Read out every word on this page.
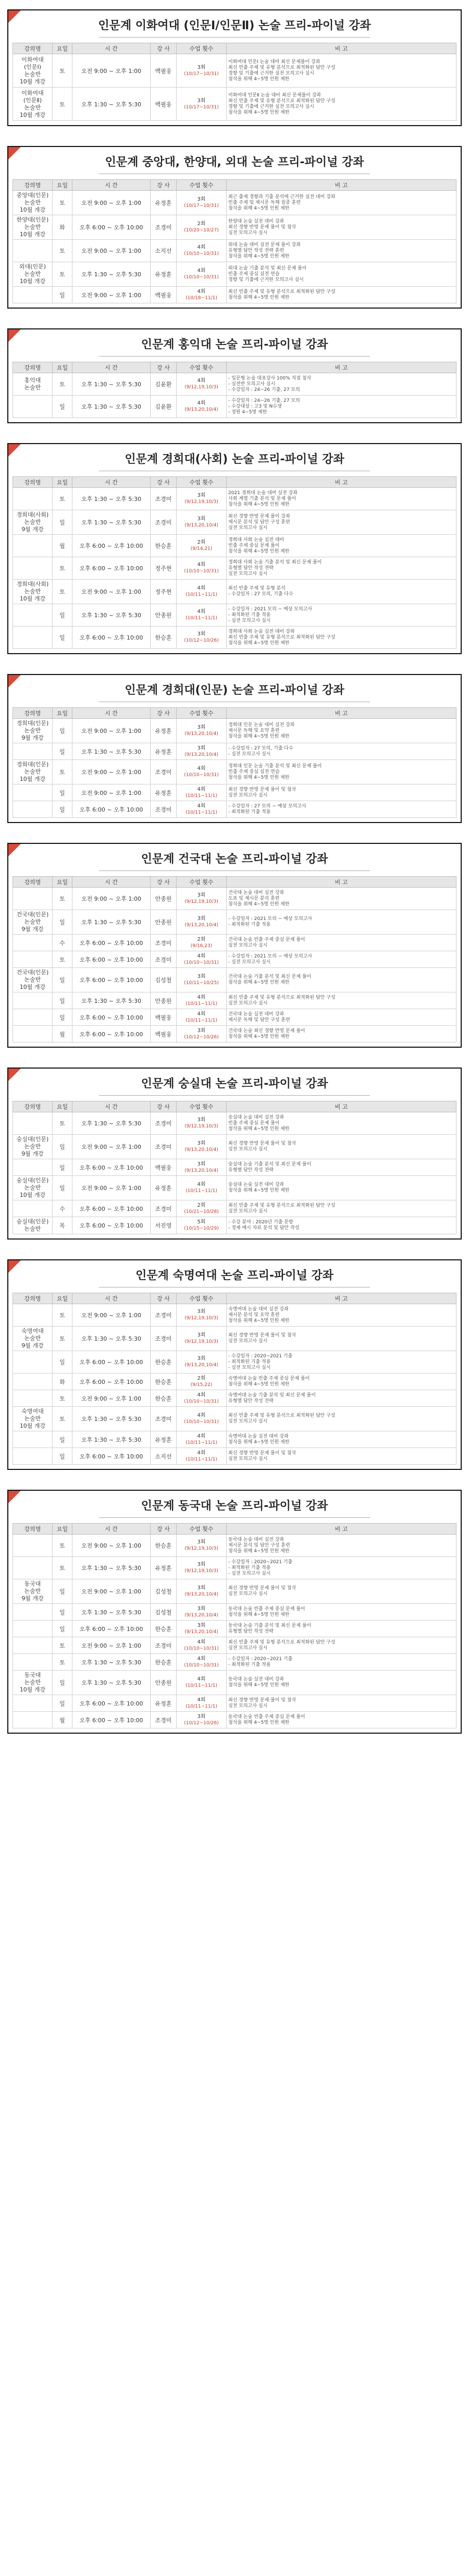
인문계 이화여대 (인문Ⅰ/인문Ⅱ) 논술 프리-파이널 강좌
강의명	요일	시 간	강 사	수업 횟수	비 고
이화여대
(인문Ⅰ)
논술반
10월 개강	토	오전 9:00 ~ 오후 1:00	백필웅	3회
(10/17~10/31)	이화여대 인문Ⅰ 논술 대비 최신 문제풀이 강좌
최신 빈출 주제 및 유형 분석으로 최적화된 답안 구성
경향 및 기출에 근거한 실전 모의고사 실시
첨삭을 위해 4~5명 인원 제한
이화여대
(인문Ⅱ)
논술반
10월 개강	토	오후 1:30 ~ 오후 5:30	백필웅	3회
(10/17~10/31)	이화여대 인문Ⅱ 논술 대비 최신 문제풀이 강좌
최신 빈출 주제 및 유형 분석으로 최적화된 답안 구성
경향 및 기출에 근거한 실전 모의고사 실시
첨삭을 위해 4~5명 인원 제한
인문계 중앙대, 한양대, 외대 논술 프리-파이널 강좌
강의명	요일	시 간	강 사	수업 횟수	비 고
중앙대(인문)
논술반
10월 개강	토	오전 9:00 ~ 오후 1:00	유정훈	3회
(10/17~10/31)	최근 출제 경향과 기출 분석에 근거한 실전 대비 강좌
빈출 주제 및 제시문 독해 집중 훈련
첨삭을 위해 4~5명 인원 제한
한양대(인문)
논술반
10월 개강	화	오후 6:00 ~ 오후 10:00	조경미	2회
(10/20~10/27)	한양대 논술 실전 대비 강좌
최신 경향 반영 문제 풀이 및 첨삭
실전 모의고사 실시
	토	오전 9:00 ~ 오후 1:00	소지선	4회
(10/10~10/31)	외대 논술 대비 실전 문제 풀이 강좌
유형별 답안 작성 전략 훈련
첨삭을 위해 4~5명 인원 제한
외대(인문)
논술반
10월 개강	토	오후 1:30 ~ 오후 5:30	유정훈	4회
(10/10~10/31)	외대 논술 기출 분석 및 최신 문제 풀이
빈출 주제 중심 실전 연습
경향 및 기출에 근거한 모의고사 실시
	일	오전 9:00 ~ 오후 1:00	백필웅	4회
(10/18~11/1)	최신 빈출 주제 및 유형 분석으로 최적화된 답안 구성
첨삭을 위해 4~5명 인원 제한
인문계 홍익대 논술 프리-파이널 강좌
강의명	요일	시 간	강 사	수업 횟수	비 고
홍익대
논술반	토	오후 1:30 ~ 오후 5:30	김윤환	4회
(9/12,19,10/3)	- 입문형 논술 대표강사 100% 직접 첨삭
- 실전반 모의고사 실시
- 수강일자 : 24~26 기출, 27 모의
	일	오후 1:30 ~ 오후 5:30	김윤환	4회
(9/13,20,10/4)	- 수강일자 : 24~26 기출, 27 모의
- 수강대상 : 고3 및 N수생
- 정원 4~5명 제한
인문계 경희대(사회) 논술 프리-파이널 강좌
강의명	요일	시 간	강 사	수업 횟수	비 고
	토	오후 1:30 ~ 오후 5:30	조경미	3회
(9/12,19,10/3)	2021 경희대 논술 대비 실전 강좌
사회 계열 기출 분석 및 문제 풀이
첨삭을 위해 4~5명 인원 제한
경희대(사회)
논술반
9월 개강	일	오후 1:30 ~ 오후 5:30	조경미	3회
(9/13,20,10/4)	최신 경향 반영 문제 풀이 강좌
제시문 분석 및 답안 구성 훈련
실전 모의고사 실시
	월	오후 6:00 ~ 오후 10:00	한승훈	2회
(9/14,21)	경희대 사회 논술 실전 대비
빈출 주제 중심 문제 풀이
첨삭을 위해 4~5명 인원 제한
	토	오후 6:00 ~ 오후 10:00	정주현	4회
(10/10~10/31)	경희대 사회 논술 기출 분석 및 최신 문제 풀이
유형별 답안 작성 전략
실전 모의고사 실시
경희대(사회)
논술반
10월 개강	토	오전 9:00 ~ 오후 1:00	정주현	4회
(10/11~11/1)	최신 빈출 주제 및 유형 분석
- 수강일자 : 27 모의, 기출 다수
	일	오후 1:30 ~ 오후 5:30	안종원	4회
(10/11~11/1)	- 수강일자 : 2021 모의 ~ 예상 모의고사
- 최적화된 기출 적용
- 실전 모의고사 실시
	일	오후 6:00 ~ 오후 10:00	한승훈	3회
(10/12~10/26)	경희대 사회 논술 실전 대비 강좌
최신 빈출 주제 및 유형 분석으로 최적화된 답안 구성
첨삭을 위해 4~5명 인원 제한
인문계 경희대(인문) 논술 프리-파이널 강좌
강의명	요일	시 간	강 사	수업 횟수	비 고
경희대(인문)
논술반
9월 개강	일	오전 9:00 ~ 오후 1:00	유정훈	3회
(9/13,20,10/4)	경희대 인문 논술 대비 실전 강좌
제시문 독해 및 요약 훈련
첨삭을 위해 4~5명 인원 제한
	일	오후 1:30 ~ 오후 5:30	유정훈	3회
(9/13,20,10/4)	- 수강일자 : 27 모의, 기출 다수
- 실전 모의고사 실시
경희대(인문)
논술반
10월 개강	토	오전 9:00 ~ 오후 1:00	조경미	4회
(10/10~10/31)	경희대 인문 논술 기출 분석 및 최신 문제 풀이
빈출 주제 중심 실전 연습
첨삭을 위해 4~5명 인원 제한
	일	오전 9:00 ~ 오후 1:00	유정훈	4회
(10/11~11/1)	최신 경향 반영 문제 풀이 및 첨삭
실전 모의고사 실시
	일	오후 6:00 ~ 오후 10:00	조경미	4회
(10/11~11/1)	- 수강일자 : 27 모의 ~ 예상 모의고사
- 최적화된 기출 적용
인문계 건국대 논술 프리-파이널 강좌
강의명	요일	시 간	강 사	수업 횟수	비 고
	토	오전 9:00 ~ 오후 1:00	안종원	3회
(9/12,19,10/3)	건국대 논술 대비 실전 강좌
도표 및 제시문 분석 훈련
첨삭을 위해 4~5명 인원 제한
건국대(인문)
논술반
9월 개강	일	오후 1:30 ~ 오후 5:30	안종원	3회
(9/13,20,10/4)	- 수강일자 : 2021 모의 ~ 예상 모의고사
- 최적화된 기출 적용
	수	오후 6:00 ~ 오후 10:00	조경미	2회
(9/16,23)	건국대 논술 빈출 주제 중심 문제 풀이
실전 모의고사 실시
	토	오후 6:00 ~ 오후 10:00	조경미	4회
(10/10~10/31)	- 수강일자 : 2021 모의 ~ 예상 모의고사
- 실전 모의고사 실시
건국대(인문)
논술반
10월 개강	일	오후 6:00 ~ 오후 10:00	김성철	3회
(10/11~10/25)	건국대 논술 기출 분석 및 최신 문제 풀이
첨삭을 위해 4~5명 인원 제한
	일	오후 1:30 ~ 오후 5:30	안종원	4회
(10/11~11/1)	최신 빈출 주제 및 유형 분석으로 최적화된 답안 구성
실전 모의고사 실시
	일	오후 6:00 ~ 오후 10:00	백필웅	4회
(10/11~11/1)	건국대 논술 실전 대비 강좌
제시문 독해 및 답안 구성 훈련
	월	오후 6:00 ~ 오후 10:00	백필웅	3회
(10/12~10/26)	건국대 논술 최신 경향 반영 문제 풀이
첨삭을 위해 4~5명 인원 제한
인문계 숭실대 논술 프리-파이널 강좌
강의명	요일	시 간	강 사	수업 횟수	비 고
	토	오후 1:30 ~ 오후 5:30	조경미	3회
(9/12,19,10/3)	숭실대 논술 대비 실전 강좌
빈출 주제 중심 문제 풀이
첨삭을 위해 4~5명 인원 제한
숭실대(인문)
논술반
9월 개강	일	오전 9:00 ~ 오후 1:00	조경미	3회
(9/13,20,10/4)	최신 경향 반영 문제 풀이 및 첨삭
실전 모의고사 실시
	일	오후 6:00 ~ 오후 10:00	백필웅	3회
(9/13,20,10/4)	숭실대 논술 기출 분석 및 최신 문제 풀이
유형별 답안 작성 전략
숭실대(인문)
논술반
10월 개강	일	오전 9:00 ~ 오후 1:00	유정훈	4회
(10/11~11/1)	숭실대 논술 실전 대비 강좌
첨삭을 위해 4~5명 인원 제한
	수	오후 6:00 ~ 오후 10:00	조경미	2회
(10/21~10/28)	최신 빈출 주제 및 유형 분석으로 최적화된 답안 구성
실전 모의고사 실시
숭실대(인문)
논술반	목	오후 6:00 ~ 오후 10:00	서진영	5회
(10/15~10/29)	- 수강 분야 : 2020년 기출 문항
- 경제 예시 자료 분석 및 답안 작성
인문계 숙명여대 논술 프리-파이널 강좌
강의명	요일	시 간	강 사	수업 횟수	비 고
	토	오전 9:00 ~ 오후 1:00	조경미	3회
(9/12,19,10/3)	숙명여대 논술 대비 실전 강좌
제시문 분석 및 요약 훈련
첨삭을 위해 4~5명 인원 제한
숙명여대
논술반
9월 개강	토	오후 1:30 ~ 오후 5:30	조경미	3회
(9/12,19,10/3)	최신 경향 반영 문제 풀이 및 첨삭
실전 모의고사 실시
	일	오후 6:00 ~ 오후 10:00	한승훈	3회
(9/13,20,10/4)	- 수강일자 : 2020~2021 기출
- 최적화된 기출 적용
- 실전 모의고사 실시
	화	오후 6:00 ~ 오후 10:00	한승훈	2회
(9/15,22)	숙명여대 논술 빈출 주제 중심 문제 풀이
첨삭을 위해 4~5명 인원 제한
	토	오전 9:00 ~ 오후 1:00	한승훈	4회
(10/10~10/31)	숙명여대 논술 기출 분석 및 최신 문제 풀이
유형별 답안 작성 전략
숙명여대
논술반
10월 개강	토	오후 1:30 ~ 오후 5:30	조경미	4회
(10/10~10/31)	최신 빈출 주제 및 유형 분석으로 최적화된 답안 구성
실전 모의고사 실시
	일	오후 1:30 ~ 오후 5:30	유정훈	4회
(10/11~11/1)	숙명여대 논술 실전 대비 강좌
첨삭을 위해 4~5명 인원 제한
	일	오후 6:00 ~ 오후 10:00	소지선	4회
(10/11~11/1)	최신 경향 반영 문제 풀이 및 첨삭
실전 모의고사 실시
인문계 동국대 논술 프리-파이널 강좌
강의명	요일	시 간	강 사	수업 횟수	비 고
	토	오전 9:00 ~ 오후 1:00	한승훈	3회
(9/12,19,10/3)	동국대 논술 대비 실전 강좌
제시문 분석 및 답안 구성 훈련
첨삭을 위해 4~5명 인원 제한
	토	오후 1:30 ~ 오후 5:30	유정훈	3회
(9/12,19,10/3)	- 수강일자 : 2020~2021 기출
- 최적화된 기출 적용
- 실전 모의고사 실시
동국대
논술반
9월 개강	일	오전 9:00 ~ 오후 1:00	김성철	3회
(9/13,20,10/4)	최신 경향 반영 문제 풀이 및 첨삭
실전 모의고사 실시
	일	오후 1:30 ~ 오후 5:30	김성철	3회
(9/13,20,10/4)	동국대 논술 빈출 주제 중심 문제 풀이
첨삭을 위해 4~5명 인원 제한
	일	오후 6:00 ~ 오후 10:00	한승훈	3회
(9/13,20,10/4)	동국대 논술 기출 분석 및 최신 문제 풀이
유형별 답안 작성 전략
	토	오전 9:00 ~ 오후 1:00	조경미	4회
(10/10~10/31)	최신 빈출 주제 및 유형 분석으로 최적화된 답안 구성
실전 모의고사 실시
	토	오후 1:30 ~ 오후 5:30	한승훈	4회
(10/10~10/31)	- 수강일자 : 2020~2021 기출
- 최적화된 기출 적용
동국대
논술반
10월 개강	일	오후 1:30 ~ 오후 5:30	안종원	4회
(10/11~11/1)	동국대 논술 실전 대비 강좌
첨삭을 위해 4~5명 인원 제한
	일	오후 6:00 ~ 오후 10:00	유정훈	4회
(10/11~11/1)	최신 경향 반영 문제 풀이 및 첨삭
실전 모의고사 실시
	월	오후 6:00 ~ 오후 10:00	조경미	3회
(10/12~10/26)	동국대 논술 빈출 주제 중심 문제 풀이
첨삭을 위해 4~5명 인원 제한
